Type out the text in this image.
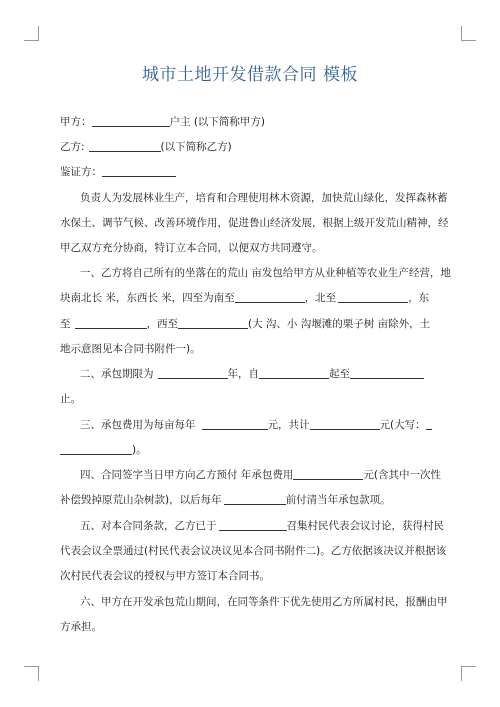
城市土地开发借款合同 模板
甲方：	户主 (以下简称甲方)
乙方:	(以下简称乙方)
鉴证方：
负责人为发展林业生产，培育和合理使用林木资源，加快荒山绿化，发挥森林蓄
水保土、调节气候、改善环境作用，促进鲁山经济发展，根据上级开发荒山精神，经
甲乙双方充分协商，特订立本合同，以便双方共同遵守。
一、乙方将自己所有的坐落在的荒山 亩发包给甲方从业种植等农业生产经营，地
块南北长 米，东西长 米，四至为南至	，北至	，东
至	，西至	(大 沟、小 沟堰滩的栗子树 亩除外，土
地示意图见本合同书附件一)。
二、承包期限为	年，自	起至
止。
三、承包费用为每亩每年	元，共计	元(大写：
)。
四、合同签字当日甲方向乙方预付 年承包费用	元(含其中一次性
补偿毁掉原荒山杂树款)，以后每年	前付清当年承包款项。
五、对本合同条款，乙方已于	召集村民代表会议讨论，获得村民
代表会议全票通过(村民代表会议决议见本合同书附件二)。乙方依据该决议并根据该
次村民代表会议的授权与甲方签订本合同书。
六、甲方在开发承包荒山期间，在同等条件下优先使用乙方所属村民，报酬由甲
方承担。
